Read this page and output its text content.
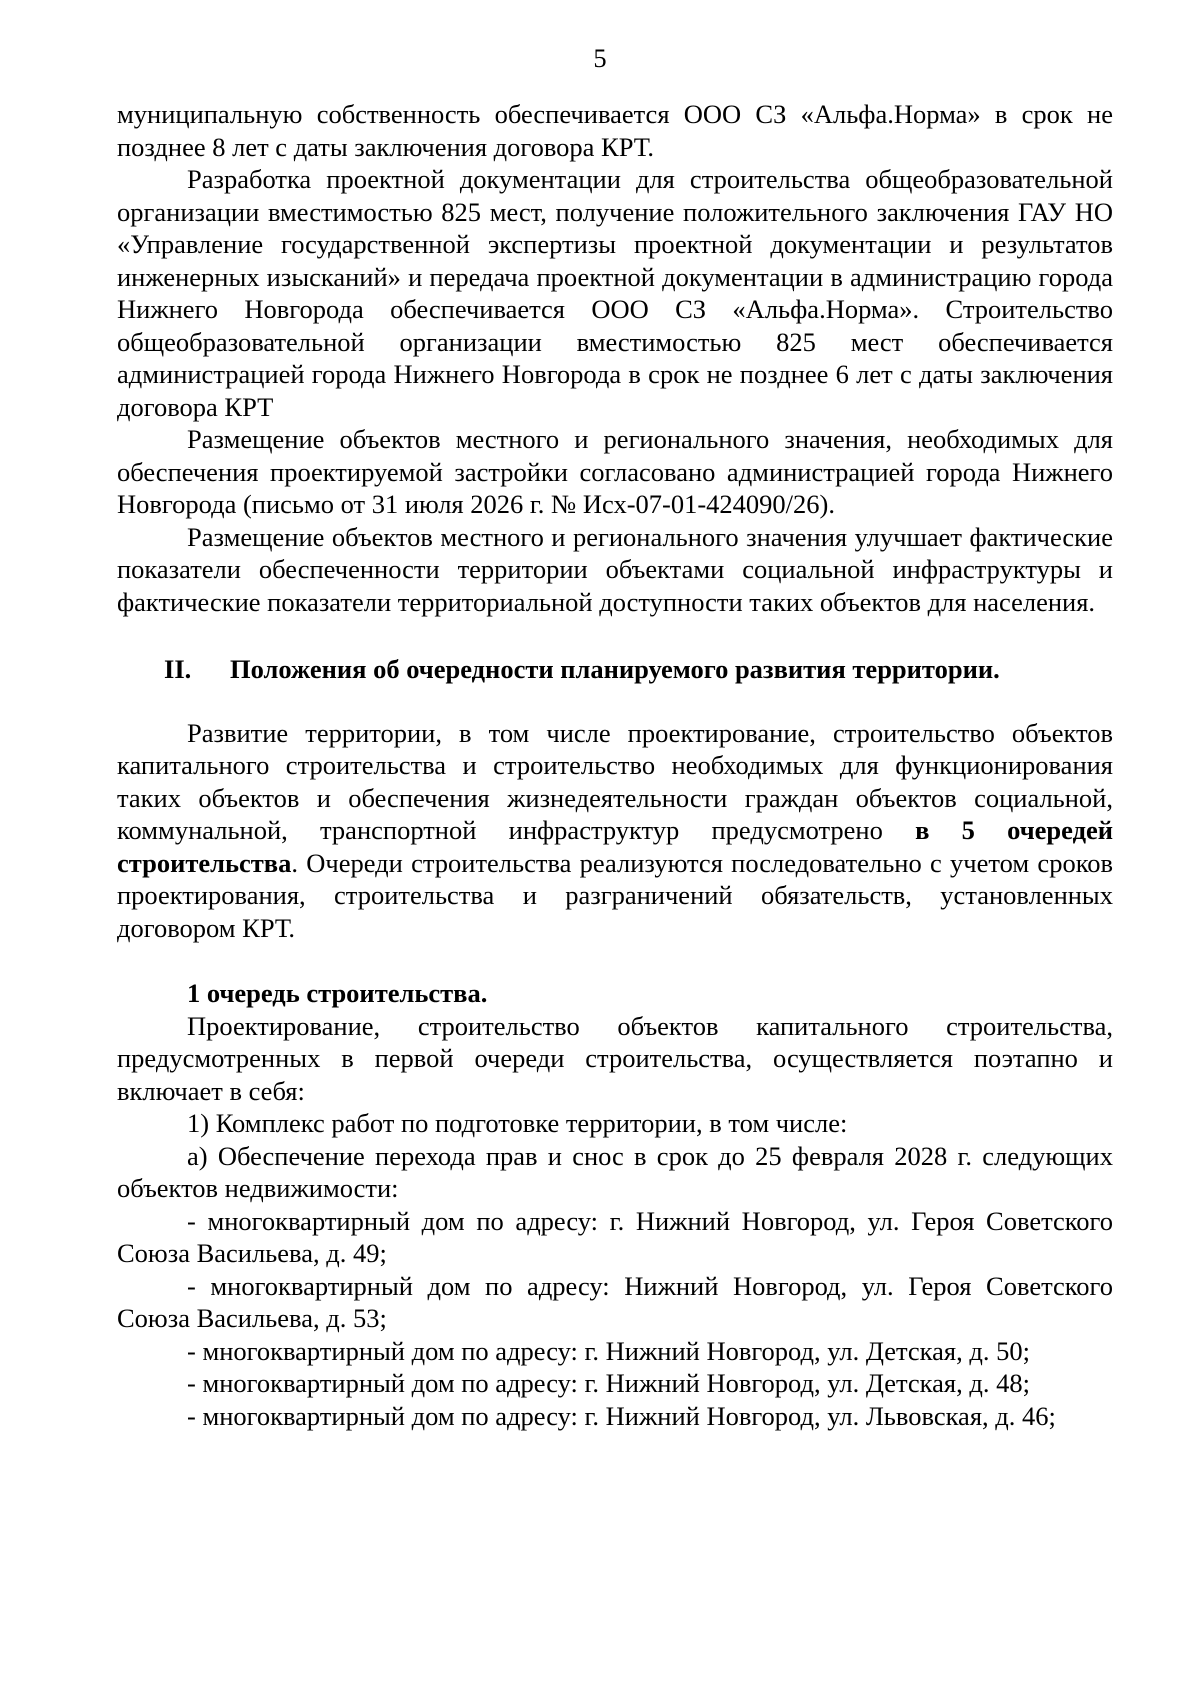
5

муниципальную собственность обеспечивается ООО СЗ «Альфа.Норма» в срок не позднее 8 лет с даты заключения договора КРТ.

Разработка проектной документации для строительства общеобразовательной организации вместимостью 825 мест, получение положительного заключения ГАУ НО «Управление государственной экспертизы проектной документации и результатов инженерных изысканий» и передача проектной документации в администрацию города Нижнего Новгорода обеспечивается ООО СЗ «Альфа.Норма». Строительство общеобразовательной организации вместимостью 825 мест обеспечивается администрацией города Нижнего Новгорода в срок не позднее 6 лет с даты заключения договора КРТ

Размещение объектов местного и регионального значения, необходимых для обеспечения проектируемой застройки согласовано администрацией города Нижнего Новгорода (письмо от 31 июля 2026 г. № Исх-07-01-424090/26).

Размещение объектов местного и регионального значения улучшает фактические показатели обеспеченности территории объектами социальной инфраструктуры и фактические показатели территориальной доступности таких объектов для населения.

II. Положения об очередности планируемого развития территории.

Развитие территории, в том числе проектирование, строительство объектов капитального строительства и строительство необходимых для функционирования таких объектов и обеспечения жизнедеятельности граждан объектов социальной, коммунальной, транспортной инфраструктур предусмотрено в 5 очередей строительства. Очереди строительства реализуются последовательно с учетом сроков проектирования, строительства и разграничений обязательств, установленных договором КРТ.

1 очередь строительства.

Проектирование, строительство объектов капитального строительства, предусмотренных в первой очереди строительства, осуществляется поэтапно и включает в себя:

1) Комплекс работ по подготовке территории, в том числе:

а) Обеспечение перехода прав и снос в срок до 25 февраля 2028 г. следующих объектов недвижимости:

- многоквартирный дом по адресу: г. Нижний Новгород, ул. Героя Советского Союза Васильева, д. 49;

- многоквартирный дом по адресу: Нижний Новгород, ул. Героя Советского Союза Васильева, д. 53;

- многоквартирный дом по адресу: г. Нижний Новгород, ул. Детская, д. 50;

- многоквартирный дом по адресу: г. Нижний Новгород, ул. Детская, д. 48;

- многоквартирный дом по адресу: г. Нижний Новгород, ул. Львовская, д. 46;
